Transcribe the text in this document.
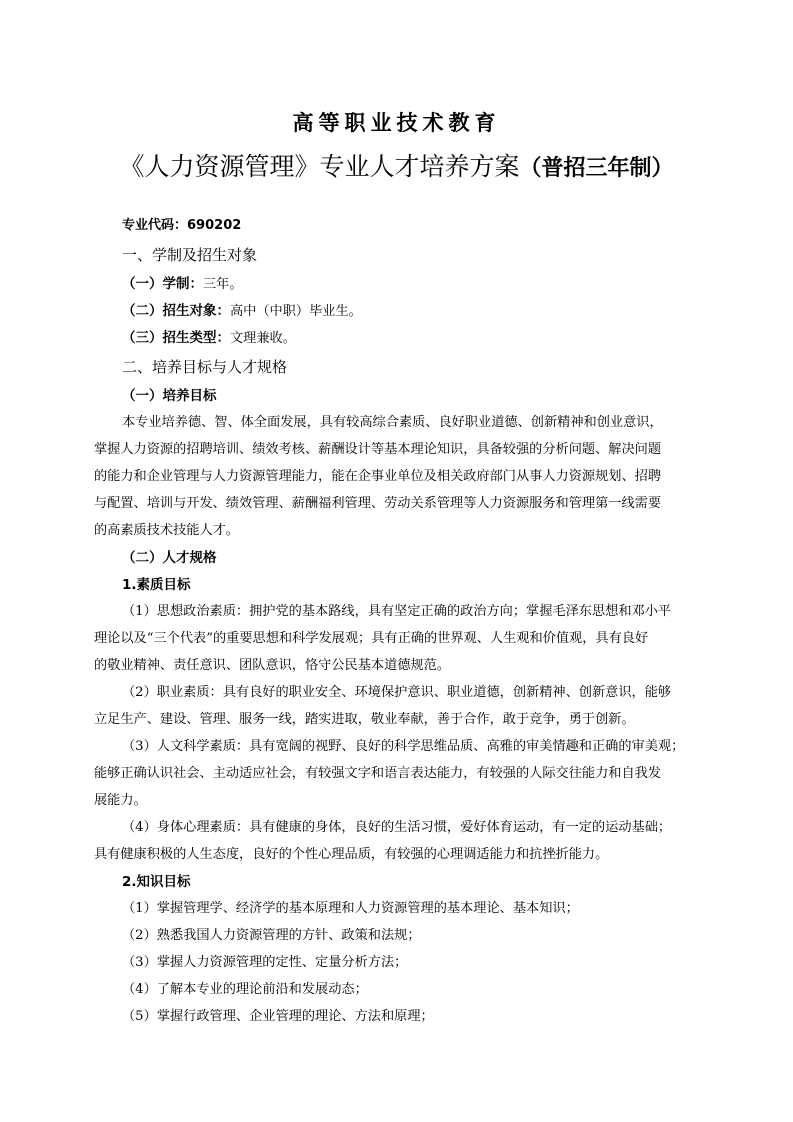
高等职业技术教育
《人力资源管理》专业人才培养方案（普招三年制）
专业代码：690202
一、学制及招生对象
（一）学制：三年。
（二）招生对象：高中（中职）毕业生。
（三）招生类型：文理兼收。
二、培养目标与人才规格
（一）培养目标
本专业培养德、智、体全面发展，具有较高综合素质、良好职业道德、创新精神和创业意识，
掌握人力资源的招聘培训、绩效考核、薪酬设计等基本理论知识，具备较强的分析问题、解决问题
的能力和企业管理与人力资源管理能力，能在企事业单位及相关政府部门从事人力资源规划、招聘
与配置、培训与开发、绩效管理、薪酬福利管理、劳动关系管理等人力资源服务和管理第一线需要
的高素质技术技能人才。
（二）人才规格
1.素质目标
（1）思想政治素质：拥护党的基本路线，具有坚定正确的政治方向；掌握毛泽东思想和邓小平
理论以及“三个代表”的重要思想和科学发展观；具有正确的世界观、人生观和价值观，具有良好
的敬业精神、责任意识、团队意识，恪守公民基本道德规范。
（2）职业素质：具有良好的职业安全、环境保护意识、职业道德，创新精神、创新意识，能够
立足生产、建设、管理、服务一线，踏实进取，敬业奉献，善于合作，敢于竞争，勇于创新。
（3）人文科学素质：具有宽阔的视野、良好的科学思维品质、高雅的审美情趣和正确的审美观；
能够正确认识社会、主动适应社会，有较强文字和语言表达能力，有较强的人际交往能力和自我发
展能力。
（4）身体心理素质：具有健康的身体，良好的生活习惯，爱好体育运动，有一定的运动基础；
具有健康积极的人生态度，良好的个性心理品质，有较强的心理调适能力和抗挫折能力。
2.知识目标
（1）掌握管理学、经济学的基本原理和人力资源管理的基本理论、基本知识；
（2）熟悉我国人力资源管理的方针、政策和法规；
（3）掌握人力资源管理的定性、定量分析方法；
（4）了解本专业的理论前沿和发展动态；
（5）掌握行政管理、企业管理的理论、方法和原理；
